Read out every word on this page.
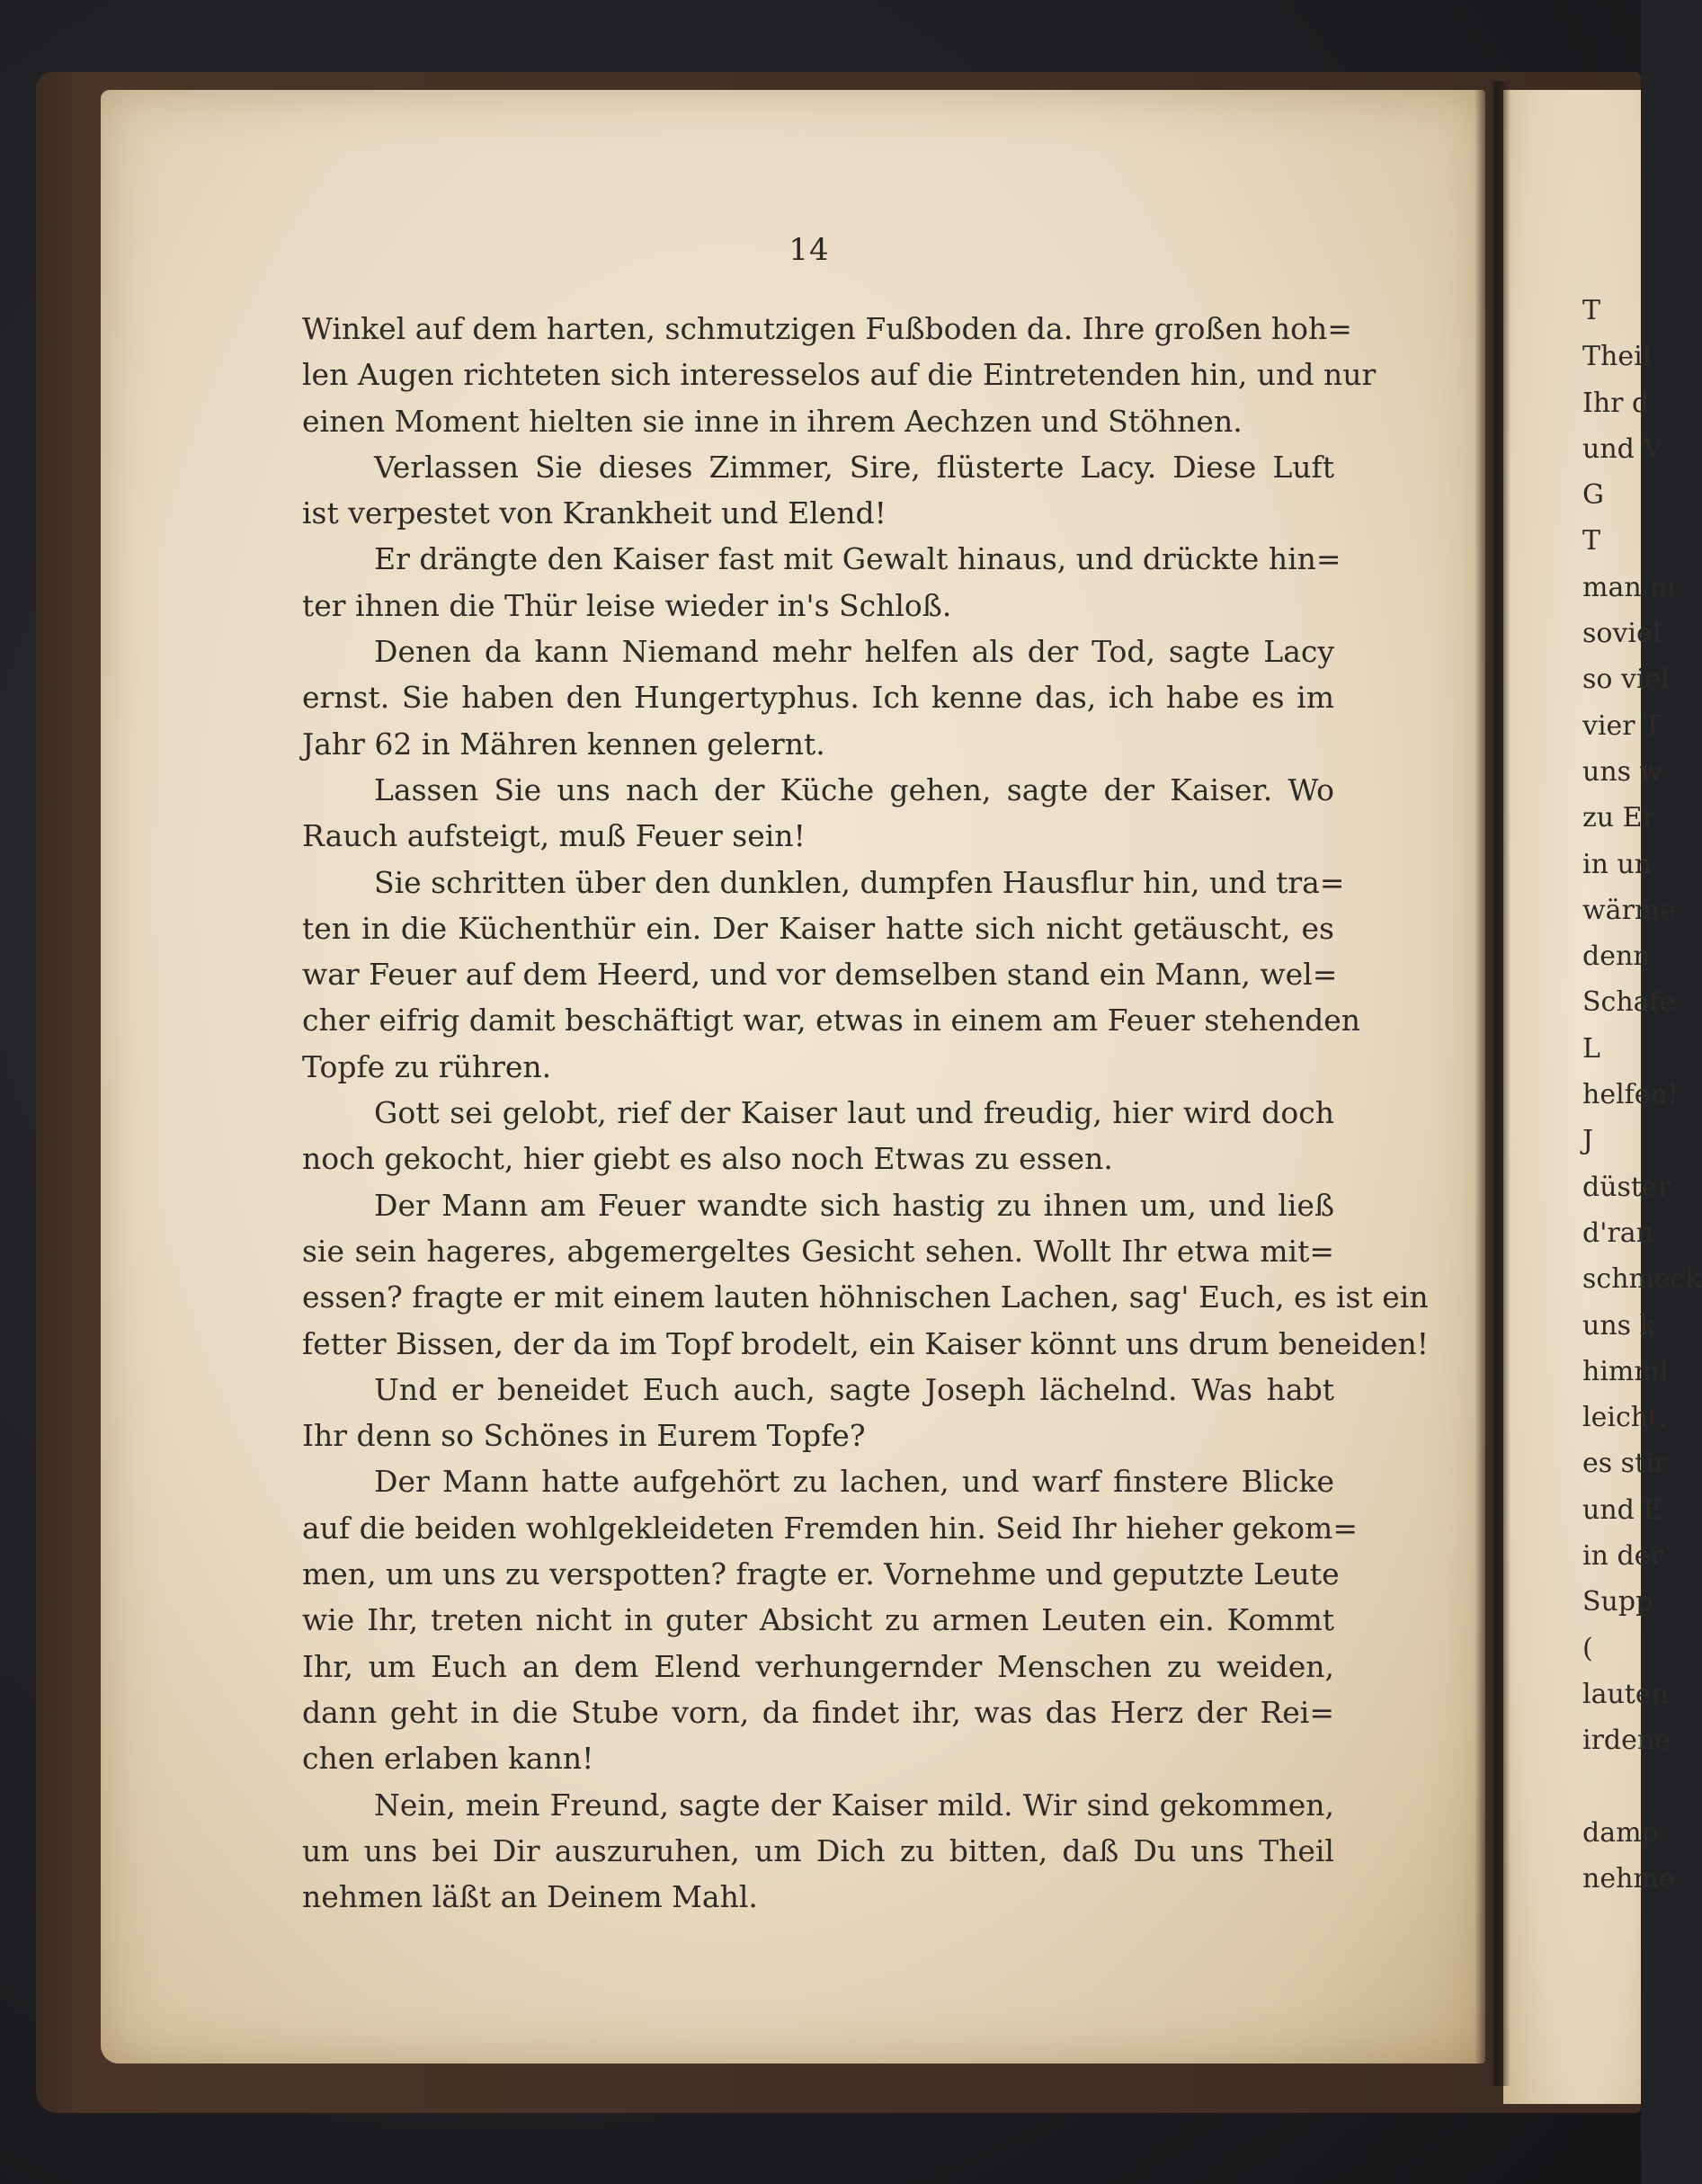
14
Winkel auf dem harten, schmutzigen Fußboden da. Ihre großen hoh=
len Augen richteten sich interesselos auf die Eintretenden hin, und nur
einen Moment hielten sie inne in ihrem Aechzen und Stöhnen.
Verlassen Sie dieses Zimmer, Sire, flüsterte Lacy. Diese Luft
ist verpestet von Krankheit und Elend!
Er drängte den Kaiser fast mit Gewalt hinaus, und drückte hin=
ter ihnen die Thür leise wieder in's Schloß.
Denen da kann Niemand mehr helfen als der Tod, sagte Lacy
ernst. Sie haben den Hungertyphus. Ich kenne das, ich habe es im
Jahr 62 in Mähren kennen gelernt.
Lassen Sie uns nach der Küche gehen, sagte der Kaiser. Wo
Rauch aufsteigt, muß Feuer sein!
Sie schritten über den dunklen, dumpfen Hausflur hin, und tra=
ten in die Küchenthür ein. Der Kaiser hatte sich nicht getäuscht, es
war Feuer auf dem Heerd, und vor demselben stand ein Mann, wel=
cher eifrig damit beschäftigt war, etwas in einem am Feuer stehenden
Topfe zu rühren.
Gott sei gelobt, rief der Kaiser laut und freudig, hier wird doch
noch gekocht, hier giebt es also noch Etwas zu essen.
Der Mann am Feuer wandte sich hastig zu ihnen um, und ließ
sie sein hageres, abgemergeltes Gesicht sehen. Wollt Ihr etwa mit=
essen? fragte er mit einem lauten höhnischen Lachen, sag' Euch, es ist ein
fetter Bissen, der da im Topf brodelt, ein Kaiser könnt uns drum beneiden!
Und er beneidet Euch auch, sagte Joseph lächelnd. Was habt
Ihr denn so Schönes in Eurem Topfe?
Der Mann hatte aufgehört zu lachen, und warf finstere Blicke
auf die beiden wohlgekleideten Fremden hin. Seid Ihr hieher gekom=
men, um uns zu verspotten? fragte er. Vornehme und geputzte Leute
wie Ihr, treten nicht in guter Absicht zu armen Leuten ein. Kommt
Ihr, um Euch an dem Elend verhungernder Menschen zu weiden,
dann geht in die Stube vorn, da findet ihr, was das Herz der Rei=
chen erlaben kann!
Nein, mein Freund, sagte der Kaiser mild. Wir sind gekommen,
um uns bei Dir auszuruhen, um Dich zu bitten, daß Du uns Theil
nehmen läßt an Deinem Mahl.
T
Theil
Ihr d
und V
G
T
man m
soviel
so viel
vier T
uns w
zu Er
in un
wärme
denn
Schafe
L
helfen!
J
düster
d'ran
schmeck
uns k
himml
leicht,
es stir
und E
in der
Supp
(
lauten
irdene
damp
nehme
